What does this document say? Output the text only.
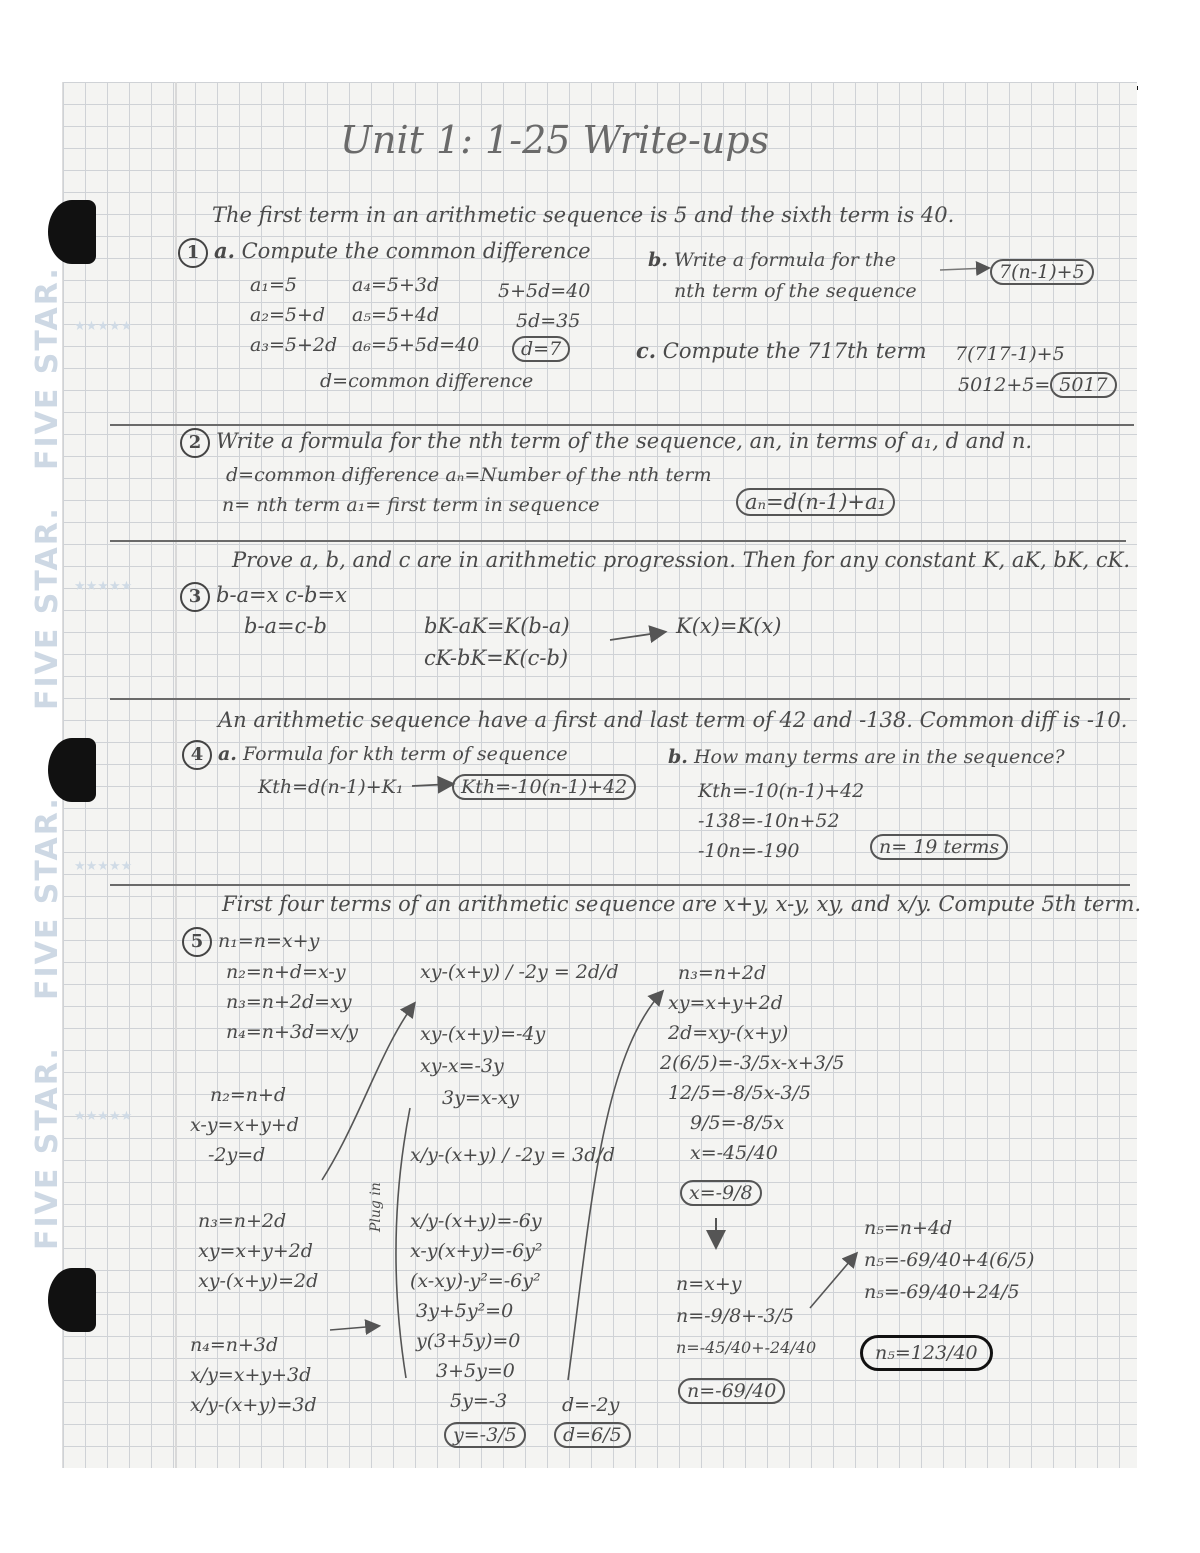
FIVE STAR.
FIVE STAR.
FIVE STAR.
FIVE STAR.
★★★★★
★★★★★
★★★★★
★★★★★
Unit 1: 1-25 Write-ups
The first term in an arithmetic sequence is 5 and the sixth term is 40.
1 a. Compute the common difference
a₁=5
a₂=5+d
a₃=5+2d
a₄=5+3d
a₅=5+4d
a₆=5+5d=40
5+5d=40
5d=35
d=7
d=common difference
b. Write a formula for the
nth term of the sequence
7(n-1)+5
c. Compute the 717th term 7(717-1)+5
5012+5= 5017
2 Write a formula for the nth term of the sequence, an, in terms of a₁, d and n.
d=common difference aₙ=Number of the nth term
n= nth term a₁= first term in sequence	aₙ=d(n-1)+a₁
Prove a, b, and c are in arithmetic progression. Then for any constant K, aK, bK, cK.
3 b-a=x c-b=x
b-a=c-b	bK-aK=K(b-a)
cK-bK=K(c-b)
K(x)=K(x)
An arithmetic sequence have a first and last term of 42 and -138. Common diff is -10.
4 a. Formula for kth term of sequence
Kth=d(n-1)+K₁	Kth=-10(n-1)+42
b. How many terms are in the sequence?
Kth=-10(n-1)+42
-138=-10n+52
-10n=-190	n= 19 terms
First four terms of an arithmetic sequence are x+y, x-y, xy, and x/y. Compute 5th term.
5 n₁=n=x+y
n₂=n+d=x-y
n₃=n+2d=xy
n₄=n+3d=x/y
n₂=n+d
x-y=x+y+d
-2y=d
n₃=n+2d
xy=x+y+2d
xy-(x+y)=2d
n₄=n+3d
x/y=x+y+3d
x/y-(x+y)=3d
xy-(x+y) / -2y = 2d/d
xy-(x+y)=-4y
xy-x=-3y
3y=x-xy
x/y-(x+y) / -2y = 3d/d
x/y-(x+y)=-6y
x-y(x+y)=-6y²
(x-xy)-y²=-6y²
3y+5y²=0
y(3+5y)=0
3+5y=0
5y=-3
y=-3/5
d=-2y
d=6/5
Plug in
n₃=n+2d
xy=x+y+2d
2d=xy-(x+y)
2(6/5)=-3/5x-x+3/5
12/5=-8/5x-3/5
9/5=-8/5x
x=-45/40
x=-9/8
n=x+y
n=-9/8+-3/5
n=-45/40+-24/40
n=-69/40
n₅=n+4d
n₅=-69/40+4(6/5)
n₅=-69/40+24/5
n₅=123/40
